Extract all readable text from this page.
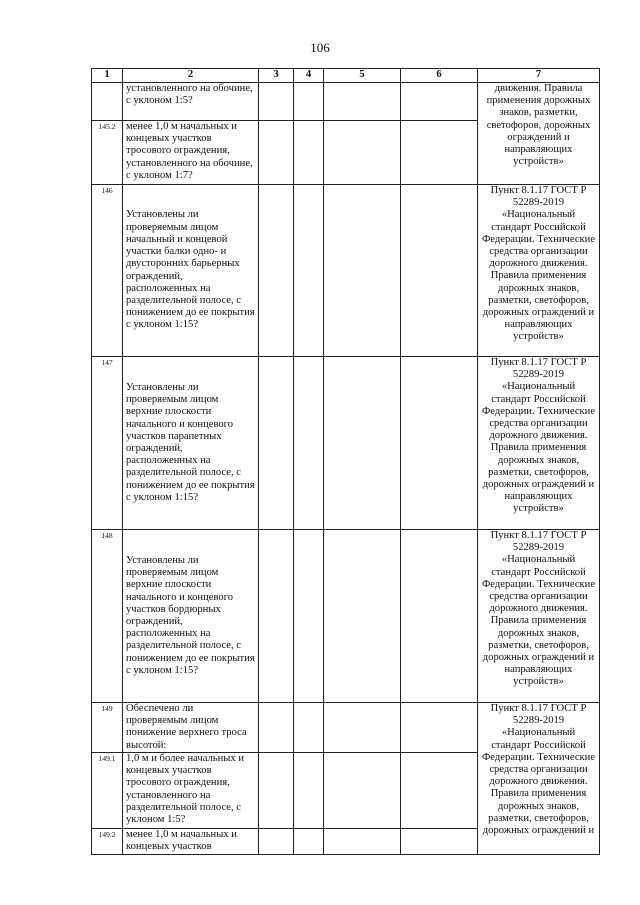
106
1	2	3	4	5	6	7
	установленного на обочине, с уклоном 1:5?					движения. Правила применения дорожных знаков, разметки, светофоров, дорожных ограждений и направляющих устройств»
145.2	менее 1,0 м начальных и концевых участков тросового ограждения, установленного на обочине, с уклоном 1:7?					
146	Установлены ли проверяемым лицом начальный и концевой участки балки одно- и двусторонних барьерных ограждений, расположенных на разделительной полосе, с понижением до ее покрытия с уклоном 1:15?					Пункт 8.1.17 ГОСТ Р 52289-2019 «Национальный стандарт Российской Федерации. Технические средства организации дорожного движения. Правила применения дорожных знаков, разметки, светофоров, дорожных ограждений и направляющих устройств»
147	Установлены ли проверяемым лицом верхние плоскости начального и концевого участков парапетных ограждений, расположенных на разделительной полосе, с понижением до ее покрытия с уклоном 1:15?					Пункт 8.1.17 ГОСТ Р 52289-2019 «Национальный стандарт Российской Федерации. Технические средства организации дорожного движения. Правила применения дорожных знаков, разметки, светофоров, дорожных ограждений и направляющих устройств»
148	Установлены ли проверяемым лицом верхние плоскости начального и концевого участков бордюрных ограждений, расположенных на разделительной полосе, с понижением до ее покрытия с уклоном 1:15?					Пункт 8.1.17 ГОСТ Р 52289-2019 «Национальный стандарт Российской Федерации. Технические средства организации дорожного движения. Правила применения дорожных знаков, разметки, светофоров, дорожных ограждений и направляющих устройств»
149	Обеспечено ли проверяемым лицом понижение верхнего троса высотой:					Пункт 8.1.17 ГОСТ Р 52289-2019 «Национальный стандарт Российской Федерации. Технические средства организации дорожного движения. Правила применения дорожных знаков, разметки, светофоров, дорожных ограждений и
149.1	1,0 м и более начальных и концевых участков тросового ограждения, установленного на разделительной полосе, с уклоном 1:5?					
149.2	менее 1,0 м начальных и концевых участков					
